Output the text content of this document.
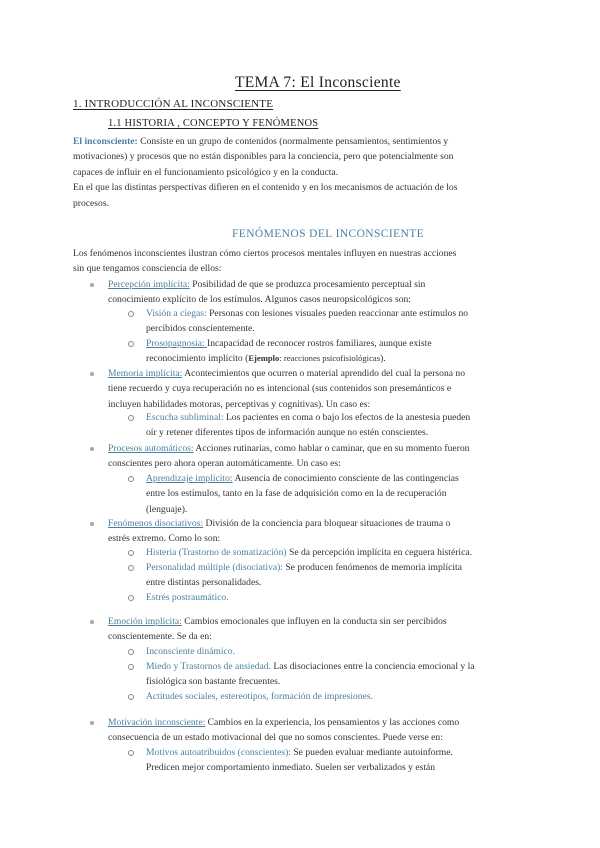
TEMA 7: El Inconsciente
1. INTRODUCCIÓN AL INCONSCIENTE
1.1 HISTORIA , CONCEPTO Y FENÓMENOS
El inconsciente: Consiste en un grupo de contenidos (normalmente pensamientos, sentimientos y
motivaciones) y procesos que no están disponibles para la conciencia, pero que potencialmente son
capaces de influir en el funcionamiento psicológico y en la conducta.
En el que las distintas perspectivas difieren en el contenido y en los mecanismos de actuación de los
procesos.
FENÓMENOS DEL INCONSCIENTE
Los fenómenos inconscientes ilustran cómo ciertos procesos mentales influyen en nuestras acciones
sin que tengamos consciencia de ellos:
Percepción implícita: Posibilidad de que se produzca procesamiento perceptual sin
conocimiento explícito de los estímulos. Algunos casos neuropsicológicos son:
Visión a ciegas: Personas con lesiones visuales pueden reaccionar ante estímulos no
percibidos conscientemente.
Prosopagnosia: Incapacidad de reconocer rostros familiares, aunque existe
reconocimiento implícito (Ejemplo: reacciones psicofisiológicas).
Memoria implícita: Acontecimientos que ocurren o material aprendido del cual la persona no
tiene recuerdo y cuya recuperación no es intencional (sus contenidos son presemánticos e
incluyen habilidades motoras, perceptivas y cognitivas). Un caso es:
Escucha subliminal: Los pacientes en coma o bajo los efectos de la anestesia pueden
oír y retener diferentes tipos de información aunque no estén conscientes.
Procesos automáticos: Acciones rutinarias, como hablar o caminar, que en su momento fueron
conscientes pero ahora operan automáticamente. Un caso es:
Aprendizaje implícito: Ausencia de conocimiento consciente de las contingencias
entre los estímulos, tanto en la fase de adquisición como en la de recuperación
(lenguaje).
Fenómenos disociativos: División de la conciencia para bloquear situaciones de trauma o
estrés extremo. Como lo son:
Histeria (Trastorno de somatización) Se da percepción implícita en ceguera histérica.
Personalidad múltiple (disociativa): Se producen fenómenos de memoria implícita
entre distintas personalidades.
Estrés postraumático.
Emoción implícita: Cambios emocionales que influyen en la conducta sin ser percibidos
conscientemente. Se da en:
Inconsciente dinámico.
Miedo y Trastornos de ansiedad. Las disociaciones entre la conciencia emocional y la
fisiológica son bastante frecuentes.
Actitudes sociales, estereotipos, formación de impresiones.
Motivación inconsciente: Cambios en la experiencia, los pensamientos y las acciones como
consecuencia de un estado motivacional del que no somos conscientes. Puede verse en:
Motivos autoatribuidos (conscientes): Se pueden evaluar mediante autoinforme.
Predicen mejor comportamiento inmediato. Suelen ser verbalizados y están
